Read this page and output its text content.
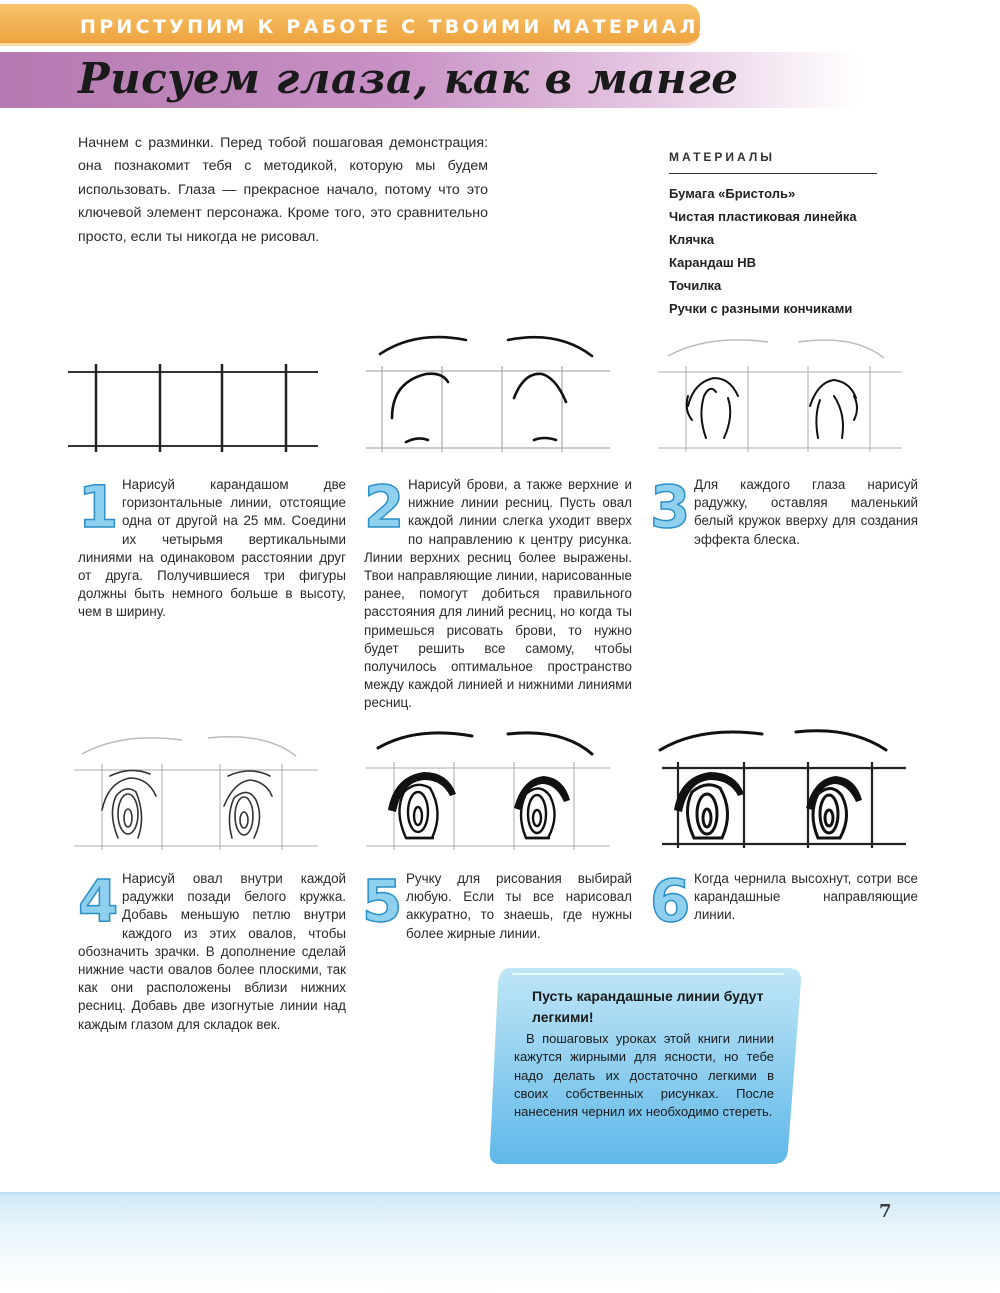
ПРИСТУПИМ К РАБОТЕ С ТВОИМИ МАТЕРИАЛАМИ
Рисуем глаза, как в манге

Начнем с разминки. Перед тобой пошаговая демонстрация: она познакомит тебя с методикой, которую мы будем использовать. Глаза — прекрасное начало, потому что это ключевой элемент персонажа. Кроме того, это сравнительно просто, если ты никогда не рисовал.

МАТЕРИАЛЫ
Бумага «Бристоль»
Чистая пластиковая линейка
Клячка
Карандаш HB
Точилка
Ручки с разными кончиками
1 Нарисуй карандашом две горизонтальные линии, отстоящие одна от другой на 25 мм. Соедини их четырьмя вертикальными линиями на одинаковом расстоянии друг от друга. Получившиеся три фигуры должны быть немного больше в высоту, чем в ширину.

2 Нарисуй брови, а также верхние и нижние линии ресниц. Пусть овал каждой линии слегка уходит вверх по направлению к центру рисунка. Линии верхних ресниц более выражены. Твои направляющие линии, нарисованные ранее, помогут добиться правильного расстояния для линий ресниц, но когда ты примешься рисовать брови, то нужно будет решить все самому, чтобы получилось оптимальное пространство между каждой линией и нижними линиями ресниц.

3 Для каждого глаза нарисуй радужку, оставляя маленький белый кружок вверху для создания эффекта блеска.

4 Нарисуй овал внутри каждой радужки позади белого кружка. Добавь меньшую петлю внутри каждого из этих овалов, чтобы обозначить зрачки. В дополнение сделай нижние части овалов более плоскими, так как они расположены вблизи нижних ресниц. Добавь две изогнутые линии над каждым глазом для складок век.

5 Ручку для рисования выбирай любую. Если ты все нарисовал аккуратно, то знаешь, где нужны более жирные линии.	6 Когда чернила высохнут, сотри все карандашные направляющие линии.

Пусть карандашные линии будут легкими!

В пошаговых уроках этой книги линии кажутся жирными для ясности, но тебе надо делать их достаточно легкими в своих собственных рисунках. После нанесения чернил их необходимо стереть.

7
